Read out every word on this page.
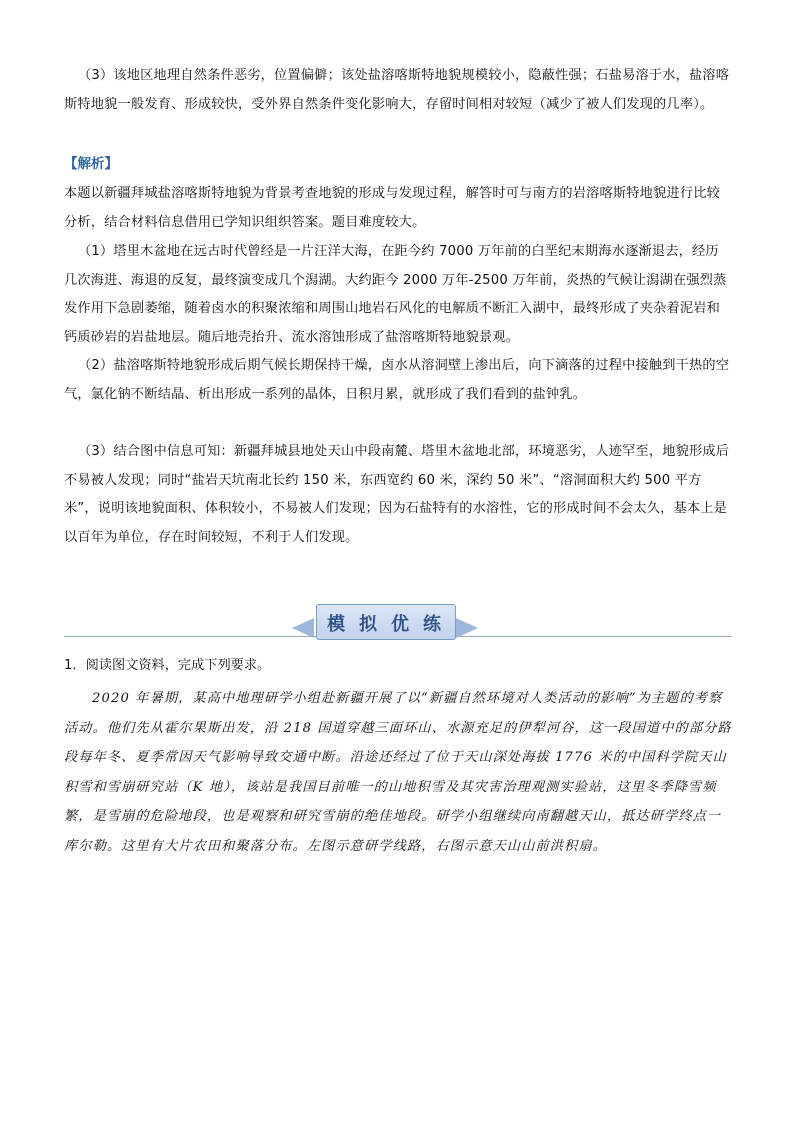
（3）该地区地理自然条件恶劣，位置偏僻；该处盐溶喀斯特地貌规模较小，隐蔽性强；石盐易溶于水，盐溶喀斯特地貌一般发育、形成较快，受外界自然条件变化影响大，存留时间相对较短（减少了被人们发现的几率）。

【解析】

本题以新疆拜城盐溶喀斯特地貌为背景考查地貌的形成与发现过程，解答时可与南方的岩溶喀斯特地貌进行比较分析，结合材料信息借用已学知识组织答案。题目难度较大。

（1）塔里木盆地在远古时代曾经是一片汪洋大海，在距今约 7000 万年前的白垩纪末期海水逐渐退去，经历几次海进、海退的反复，最终演变成几个潟湖。大约距今 2000 万年-2500 万年前，炎热的气候让潟湖在强烈蒸发作用下急剧萎缩，随着卤水的积聚浓缩和周围山地岩石风化的电解质不断汇入湖中，最终形成了夹杂着泥岩和钙质砂岩的岩盐地层。随后地壳抬升、流水溶蚀形成了盐溶喀斯特地貌景观。

（2）盐溶喀斯特地貌形成后期气候长期保持干燥，卤水从溶洞壁上渗出后，向下滴落的过程中接触到干热的空气，氯化钠不断结晶、析出形成一系列的晶体，日积月累，就形成了我们看到的盐钟乳。

（3）结合图中信息可知：新疆拜城县地处天山中段南麓、塔里木盆地北部，环境恶劣，人迹罕至，地貌形成后不易被人发现；同时“盐岩天坑南北长约 150 米，东西宽约 60 米，深约 50 米”、“溶洞面积大约 500 平方米”，说明该地貌面积、体积较小，不易被人们发现；因为石盐特有的水溶性，它的形成时间不会太久，基本上是以百年为单位，存在时间较短，不利于人们发现。

模 拟 优 练

1．阅读图文资料，完成下列要求。

2020 年暑期，某高中地理研学小组赴新疆开展了以“新疆自然环境对人类活动的影响”为主题的考察活动。他们先从霍尔果斯出发，沿 218 国道穿越三面环山、水源充足的伊犁河谷，这一段国道中的部分路段每年冬、夏季常因天气影响导致交通中断。沿途还经过了位于天山深处海拔 1776 米的中国科学院天山积雪和雪崩研究站（K 地），该站是我国目前唯一的山地积雪及其灾害治理观测实验站，这里冬季降雪频繁，是雪崩的危险地段，也是观察和研究雪崩的绝佳地段。研学小组继续向南翻越天山，抵达研学终点一库尔勒。这里有大片农田和聚落分布。左图示意研学线路，右图示意天山山前洪积扇。
